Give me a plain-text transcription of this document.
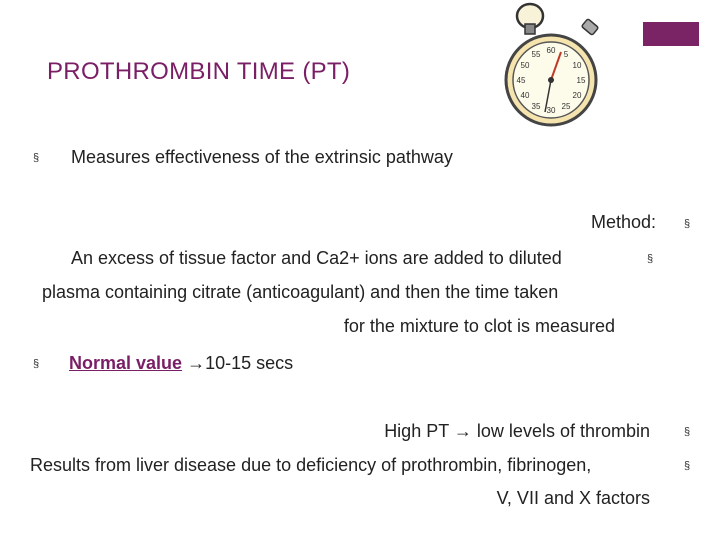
PROTHROMBIN TIME (PT)
60 5
10
15
20
25
30
35
40
45
50
55
§ Measures effectiveness of the extrinsic pathway
Method:	§
An excess of tissue factor and Ca2+ ions are added to diluted	§
plasma containing citrate (anticoagulant) and then the time taken
for the mixture to clot is measured
§ Normal value →10-15 secs
High PT → low levels of thrombin	§
Results from liver disease due to deficiency of prothrombin, fibrinogen,	§
V, VII and X factors
